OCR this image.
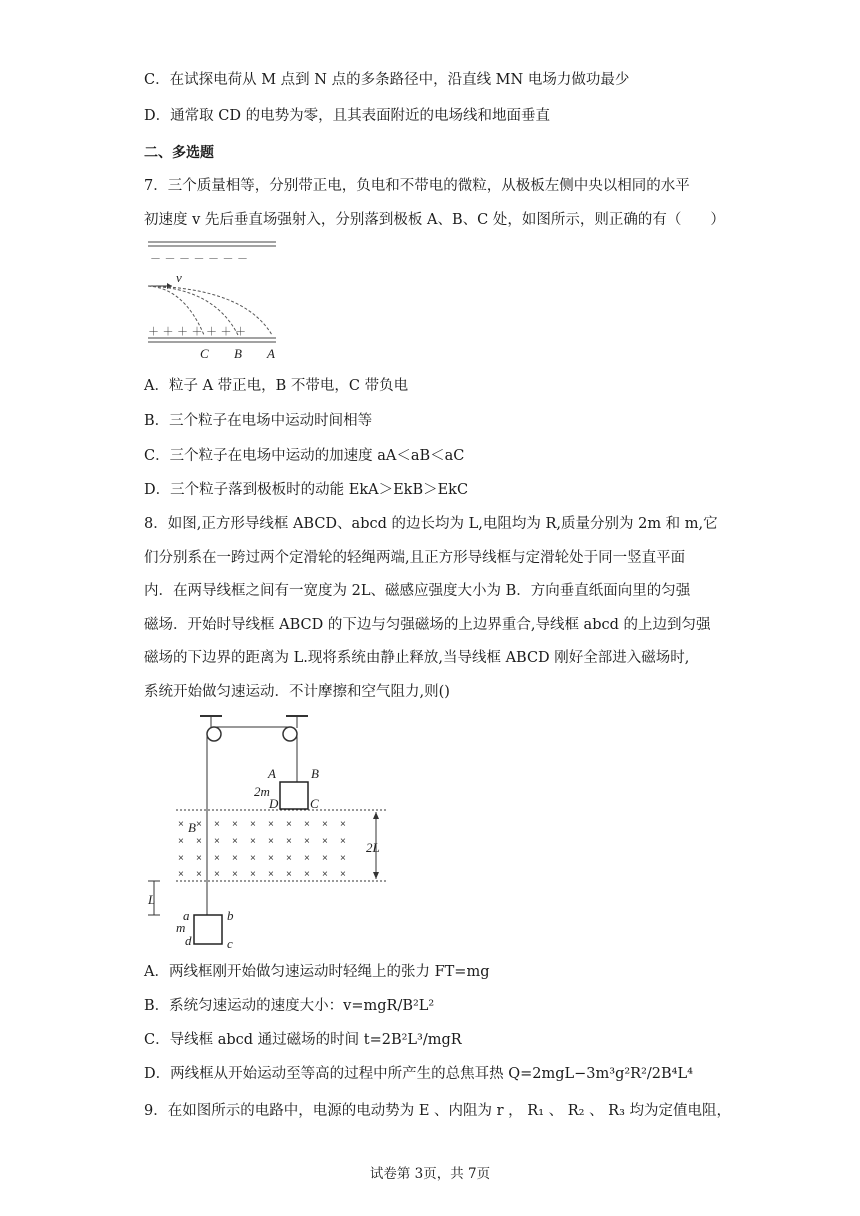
C．在试探电荷从 M 点到 N 点的多条路径中，沿直线 MN 电场力做功最少
D．通常取 CD 的电势为零，且其表面附近的电场线和地面垂直
二、多选题
7．三个质量相等，分别带正电，负电和不带电的微粒，从极板左侧中央以相同的水平
初速度 v 先后垂直场强射入，分别落到极板 A、B、C 处，如图所示，则正确的有（　　）
－ － － － － － －
v
＋ ＋ ＋ ＋ ＋ ＋ ＋
C B A
A．粒子 A 带正电，B 不带电，C 带负电
B．三个粒子在电场中运动时间相等
C．三个粒子在电场中运动的加速度 aA＜aB＜aC
D．三个粒子落到极板时的动能 EkA＞EkB＞EkC
8．如图,正方形导线框 ABCD、abcd 的边长均为 L,电阻均为 R,质量分别为 2m 和 m,它
们分别系在一跨过两个定滑轮的轻绳两端,且正方形导线框与定滑轮处于同一竖直平面
内．在两导线框之间有一宽度为 2L、磁感应强度大小为 B．方向垂直纸面向里的匀强
磁场．开始时导线框 ABCD 的下边与匀强磁场的上边界重合,导线框 abcd 的上边到匀强
磁场的下边界的距离为 L.现将系统由静止释放,当导线框 ABCD 刚好全部进入磁场时,
系统开始做匀速运动．不计摩擦和空气阻力,则()
A	B
2m
D C
B
× × × × × × × × × ×
× × × × × × × × × ×
× × × × × × × × × ×
× × × × × × × × × ×
2L
L
a	b
m
d	c
A．两线框刚开始做匀速运动时轻绳上的张力 FT=mg
B．系统匀速运动的速度大小：v=mgR/B²L²
C．导线框 abcd 通过磁场的时间 t=2B²L³/mgR
D．两线框从开始运动至等高的过程中所产生的总焦耳热 Q=2mgL−3m³g²R²/2B⁴L⁴
9．在如图所示的电路中，电源的电动势为 E 、内阻为 r ， R₁ 、 R₂ 、 R₃ 均为定值电阻，
试卷第 3页，共 7页
